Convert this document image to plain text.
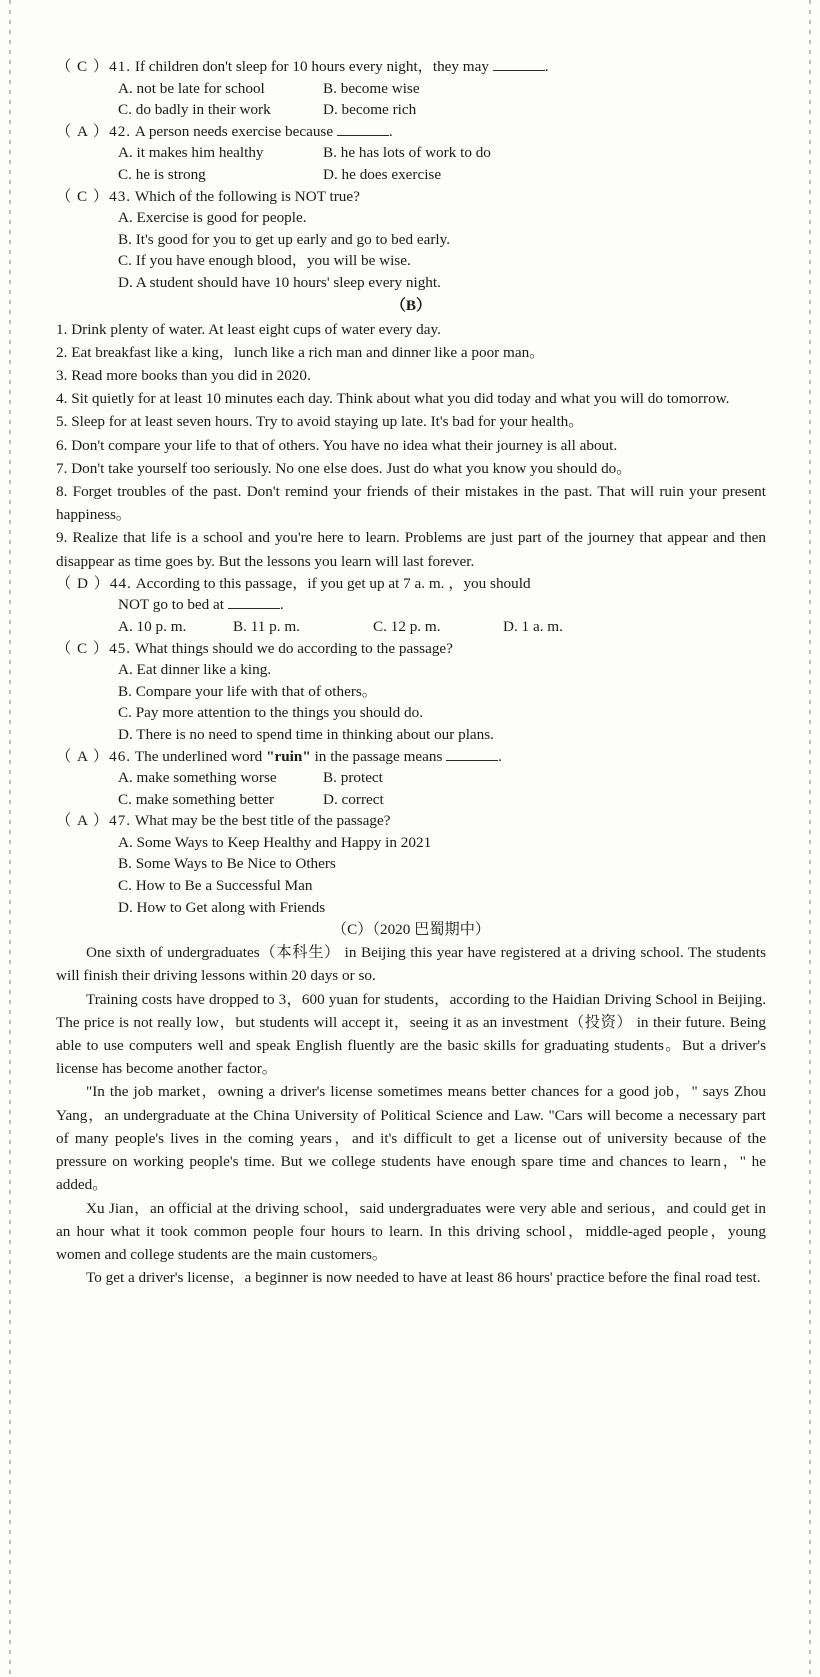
（ C ）41. If children don't sleep for 10 hours every night，they may	.
A. not be late for school	B. become wise
C. do badly in their work	D. become rich
（ A ）42. A person needs exercise because	.
A. it makes him healthy	B. he has lots of work to do
C. he is strong	D. he does exercise
（ C ）43. Which of the following is NOT true?
A. Exercise is good for people.
B. It's good for you to get up early and go to bed early.
C. If you have enough blood，you will be wise.
D. A student should have 10 hours' sleep every night.
（B）
1. Drink plenty of water. At least eight cups of water every day.
2. Eat breakfast like a king，lunch like a rich man and dinner like a poor man。
3. Read more books than you did in 2020.
4. Sit quietly for at least 10 minutes each day. Think about what you did today and what you will do tomorrow.
5. Sleep for at least seven hours. Try to avoid staying up late. It's bad for your health。
6. Don't compare your life to that of others. You have no idea what their journey is all about.
7. Don't take yourself too seriously. No one else does. Just do what you know you should do。
8. Forget troubles of the past. Don't remind your friends of their mistakes in the past. That will ruin your present happiness。
9. Realize that life is a school and you're here to learn. Problems are just part of the journey that appear and then disappear as time goes by. But the lessons you learn will last forever.
（ D ）44. According to this passage，if you get up at 7 a. m. ，you should
NOT go to bed at	.
A. 10 p. m.	B. 11 p. m.	C. 12 p. m.	D. 1 a. m.
（ C ）45. What things should we do according to the passage?
A. Eat dinner like a king.
B. Compare your life with that of others。
C. Pay more attention to the things you should do.
D. There is no need to spend time in thinking about our plans.
（ A ）46. The underlined word "ruin" in the passage means	.
A. make something worse	B. protect
C. make something better	D. correct
（ A ）47. What may be the best title of the passage?
A. Some Ways to Keep Healthy and Happy in 2021
B. Some Ways to Be Nice to Others
C. How to Be a Successful Man
D. How to Get along with Friends
（C）（2020 巴蜀期中）

One sixth of undergraduates（本科生） in Beijing this year have registered at a driving school. The students will finish their driving lessons within 20 days or so.

Training costs have dropped to 3，600 yuan for students，according to the Haidian Driving School in Beijing. The price is not really low，but students will accept it，seeing it as an investment（投资） in their future. Being able to use computers well and speak English fluently are the basic skills for graduating students。But a driver's license has become another factor。

"In the job market，owning a driver's license sometimes means better chances for a good job，" says Zhou Yang，an undergraduate at the China University of Political Science and Law. "Cars will become a necessary part of many people's lives in the coming years，and it's difficult to get a license out of university because of the pressure on working people's time. But we college students have enough spare time and chances to learn，" he added。

Xu Jian，an official at the driving school，said undergraduates were very able and serious，and could get in an hour what it took common people four hours to learn. In this driving school，middle-aged people，young women and college students are the main customers。

To get a driver's license，a beginner is now needed to have at least 86 hours' practice before the final road test.
